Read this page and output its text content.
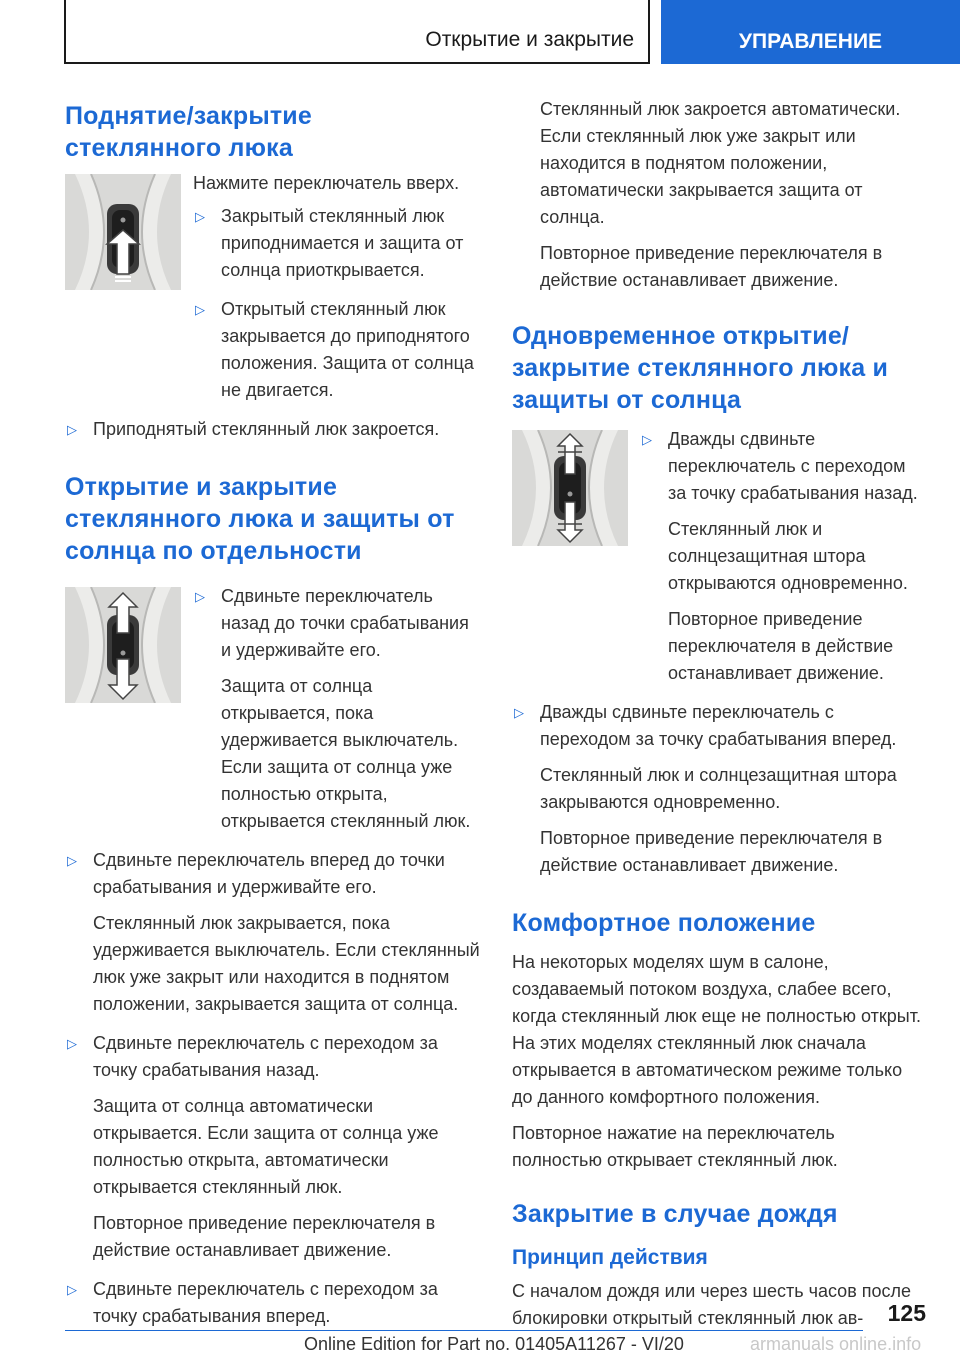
Открытие и закрытие	УПРАВЛЕНИЕ
Поднятие/закрытие стеклянного люка

Нажмите переключатель вверх.

▷ Закрытый стеклянный люк приподнимается и защита от солнца приоткрывается.

▷ Открытый стеклянный люк закрывается до приподнятого положения. Защита от солнца не двигается.

▷ Приподнятый стеклянный люк закроется.

Открытие и закрытие стеклянного люка и защиты от солнца по отдельности
▷ Сдвиньте переключатель назад до точки срабатывания и удерживайте его.

Защита от солнца открывается, пока удерживается выключатель. Если защита от солнца уже полностью открыта, открывается стеклянный люк.

▷ Сдвиньте переключатель вперед до точки срабатывания и удерживайте его.

Стеклянный люк закрывается, пока удерживается выключатель. Если стеклянный люк уже закрыт или находится в поднятом положении, закрывается защита от солнца.

▷ Сдвиньте переключатель с переходом за точку срабатывания назад.

Защита от солнца автоматически открывается. Если защита от солнца уже полностью открыта, автоматически открывается стеклянный люк.

Повторное приведение переключателя в действие останавливает движение.

▷ Сдвиньте переключатель с переходом за точку срабатывания вперед.

Стеклянный люк закроется автоматически. Если стеклянный люк уже закрыт или находится в поднятом положении, автоматически закрывается защита от солнца.

Повторное приведение переключателя в действие останавливает движение.

Одновременное открытие/ закрытие стеклянного люка и защиты от солнца
▷ Дважды сдвиньте переключатель с переходом за точку срабатывания назад.

Стеклянный люк и солнцезащитная штора открываются одновременно.

Повторное приведение переключателя в действие останавливает движение.

▷ Дважды сдвиньте переключатель с переходом за точку срабатывания вперед.

Стеклянный люк и солнцезащитная штора закрываются одновременно.

Повторное приведение переключателя в действие останавливает движение.

Комфортное положение

На некоторых моделях шум в салоне, создаваемый потоком воздуха, слабее всего, когда стеклянный люк еще не полностью открыт. На этих моделях стеклянный люк сначала открывается в автоматическом режиме только до данного комфортного положения.

Повторное нажатие на переключатель полностью открывает стеклянный люк.

Закрытие в случае дождя
Принцип действия

С началом дождя или через шесть часов после блокировки открытый стеклянный люк ав-	125
Online Edition for Part no. 01405A11267 - VI/20	armanuals online.info
